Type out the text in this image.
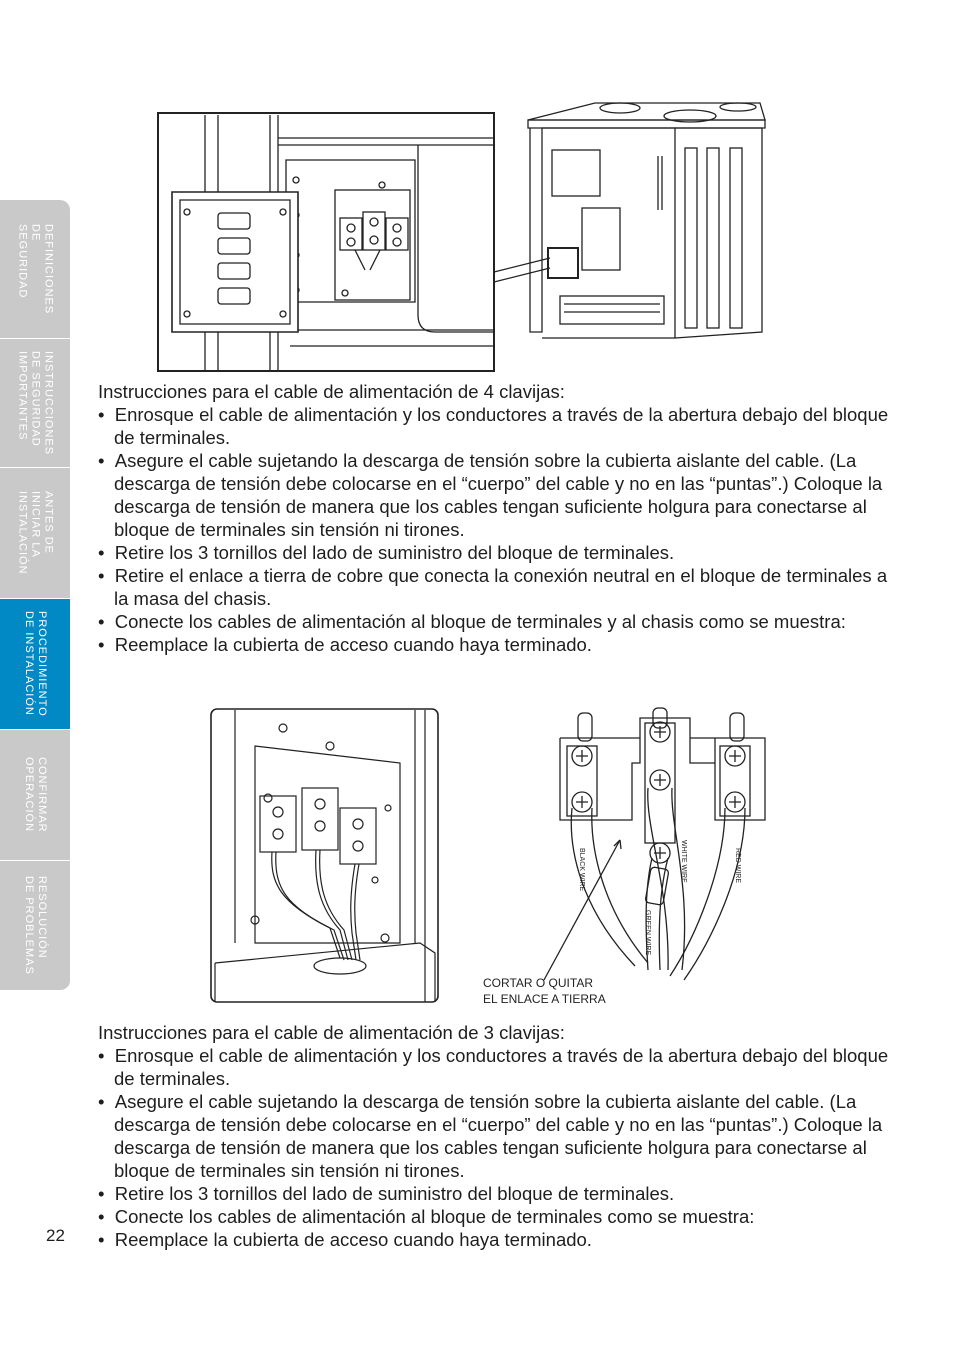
DEFINICIONES
DE
SEGURIDAD
INSTRUCCIONES
DE SEGURIDAD
IMPORTANTES
ANTES DE
INICIAR LA
INSTALACIÓN
PROCEDIMIENTO
DE INSTALACIÓN
CONFIRMAR
OPERACIÓN
RESOLUCIÓN
DE PROBLEMAS

Instrucciones para el cable de alimentación de 4 clavijas:

•  Enrosque el cable de alimentación y los conductores a través de la abertura debajo del bloque de terminales.
•  Asegure el cable sujetando la descarga de tensión sobre la cubierta aislante del cable. (La descarga de tensión debe colocarse en el “cuerpo” del cable y no en las “puntas”.) Coloque la descarga de tensión de manera que los cables tengan suficiente holgura para conectarse al bloque de terminales sin tensión ni tirones.
•  Retire los 3 tornillos del lado de suministro del bloque de terminales.
•  Retire el enlace a tierra de cobre que conecta la conexión neutral en el bloque de terminales a la masa del chasis.
•  Conecte los cables de alimentación al bloque de terminales y al chasis como se muestra:
•  Reemplace la cubierta de acceso cuando haya terminado.
BLACK WIRE
GREEN WIRE
WHITE WIRE	RED WIRE
CORTAR O QUITAR
EL ENLACE A TIERRA

Instrucciones para el cable de alimentación de 3 clavijas:

•  Enrosque el cable de alimentación y los conductores a través de la abertura debajo del bloque de terminales.
•  Asegure el cable sujetando la descarga de tensión sobre la cubierta aislante del cable. (La descarga de tensión debe colocarse en el “cuerpo” del cable y no en las “puntas”.) Coloque la descarga de tensión de manera que los cables tengan suficiente holgura para conectarse al bloque de terminales sin tensión ni tirones.
•  Retire los 3 tornillos del lado de suministro del bloque de terminales.
•  Conecte los cables de alimentación al bloque de terminales como se muestra:
•  Reemplace la cubierta de acceso cuando haya terminado.
22
